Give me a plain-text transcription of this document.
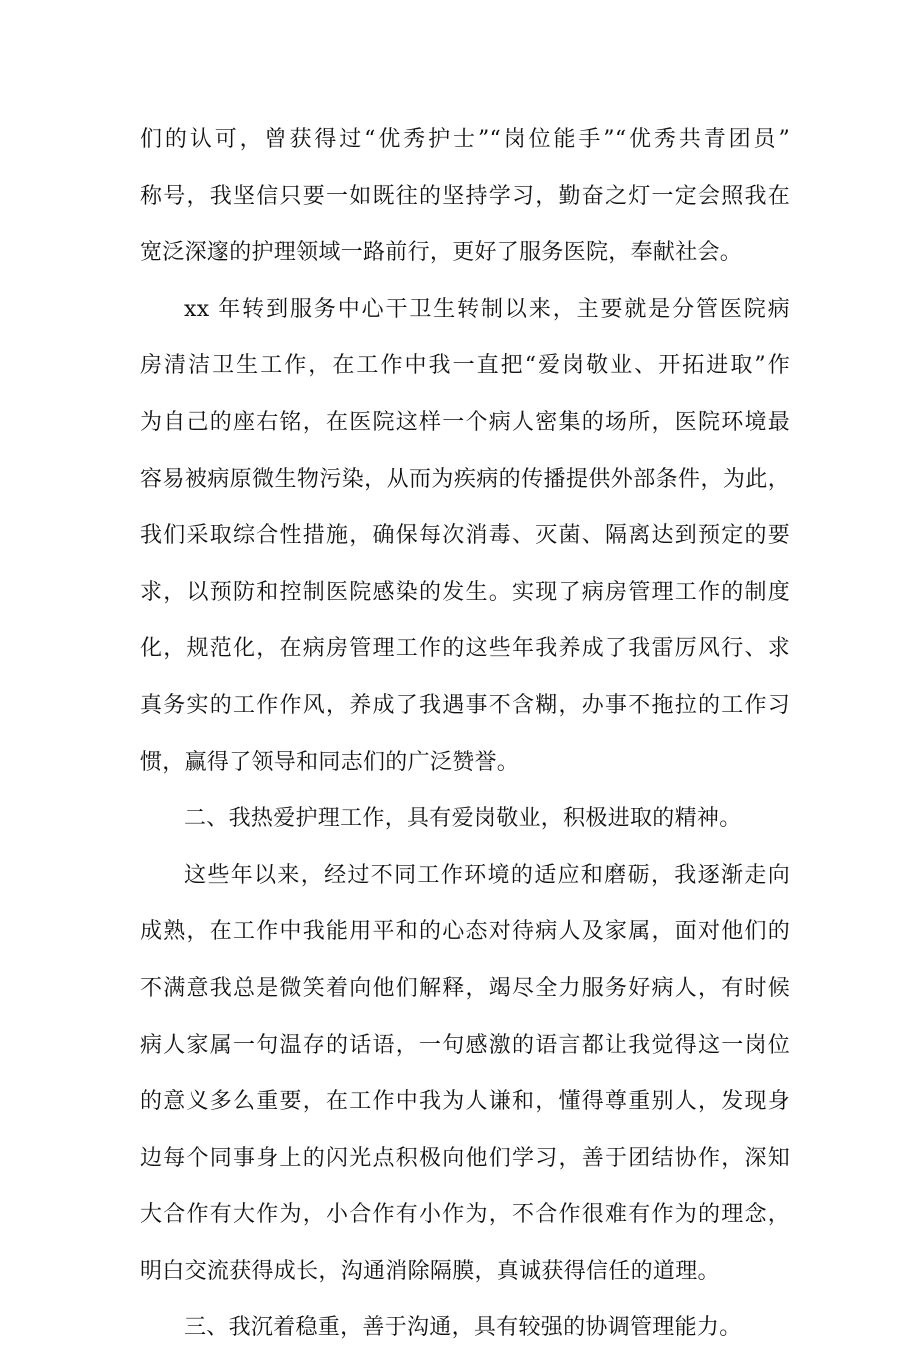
们的认可，曾获得过“优秀护士”“岗位能手”“优秀共青团员”
称号，我坚信只要一如既往的坚持学习，勤奋之灯一定会照我在
宽泛深邃的护理领域一路前行，更好了服务医院，奉献社会。
xx 年转到服务中心干卫生转制以来，主要就是分管医院病
房清洁卫生工作，在工作中我一直把“爱岗敬业、开拓进取”作
为自己的座右铭，在医院这样一个病人密集的场所，医院环境最
容易被病原微生物污染，从而为疾病的传播提供外部条件，为此，
我们采取综合性措施，确保每次消毒、灭菌、隔离达到预定的要
求，以预防和控制医院感染的发生。实现了病房管理工作的制度
化，规范化，在病房管理工作的这些年我养成了我雷厉风行、求
真务实的工作作风，养成了我遇事不含糊，办事不拖拉的工作习
惯，赢得了领导和同志们的广泛赞誉。
二、我热爱护理工作，具有爱岗敬业，积极进取的精神。
这些年以来，经过不同工作环境的适应和磨砺，我逐渐走向
成熟，在工作中我能用平和的心态对待病人及家属，面对他们的
不满意我总是微笑着向他们解释，竭尽全力服务好病人，有时候
病人家属一句温存的话语，一句感激的语言都让我觉得这一岗位
的意义多么重要，在工作中我为人谦和，懂得尊重别人，发现身
边每个同事身上的闪光点积极向他们学习，善于团结协作，深知
大合作有大作为，小合作有小作为，不合作很难有作为的理念，
明白交流获得成长，沟通消除隔膜，真诚获得信任的道理。
三、我沉着稳重，善于沟通，具有较强的协调管理能力。
